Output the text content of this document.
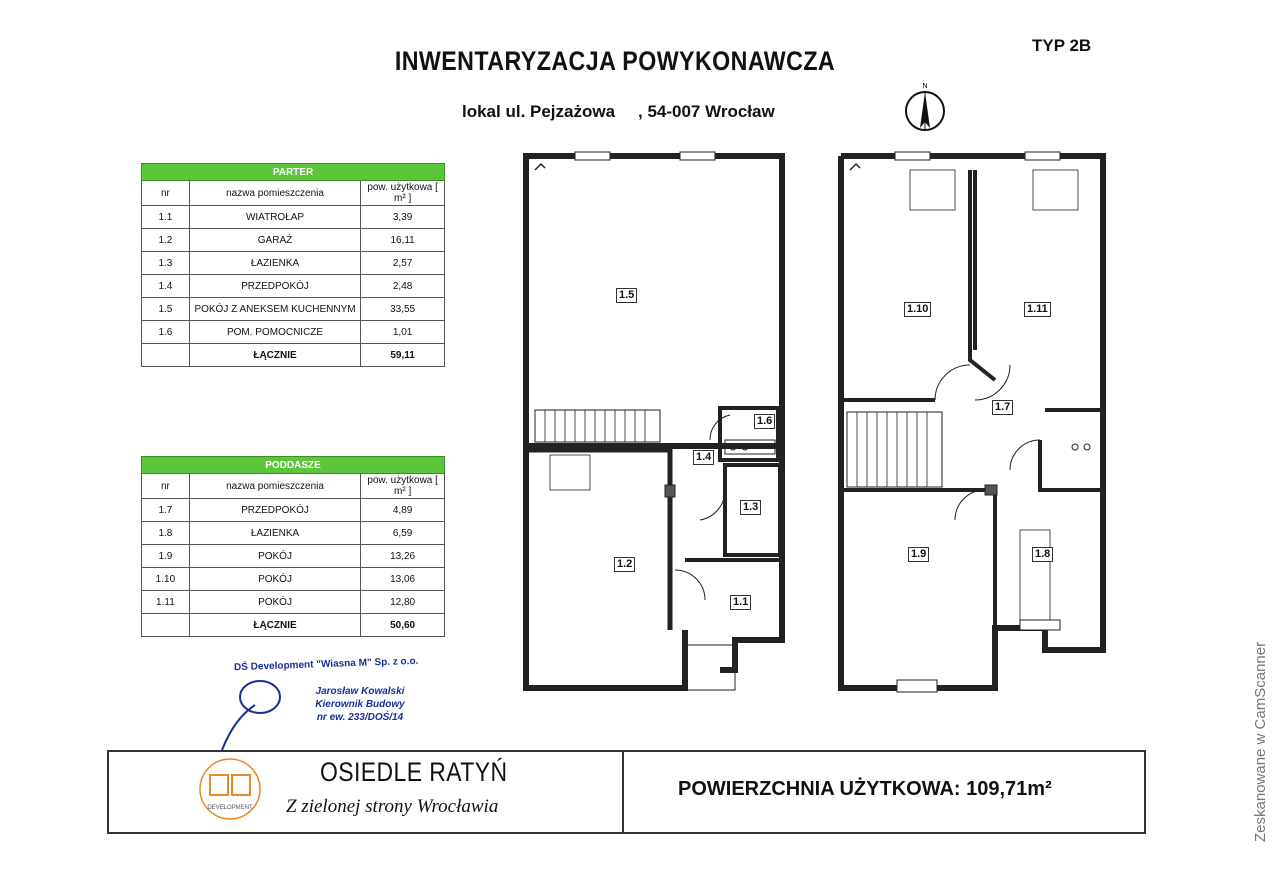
INWENTARYZACJA POWYKONAWCZA
TYP 2B
lokal ul. Pejzażowa , 54-007 Wrocław
N
PARTER		
nr	nazwa pomieszczenia	pow. użytkowa [ m² ]
1.1	WIATROŁAP	3,39
1.2	GARAŻ	16,11
1.3	ŁAZIENKA	2,57
1.4	PRZEDPOKÓJ	2,48
1.5	POKÓJ Z ANEKSEM KUCHENNYM	33,55
1.6	POM. POMOCNICZE	1,01
	ŁĄCZNIE	59,11
PODDASZE		
nr	nazwa pomieszczenia	pow. użytkowa [ m² ]
1.7	PRZEDPOKÓJ	4,89
1.8	ŁAZIENKA	6,59
1.9	POKÓJ	13,26
1.10	POKÓJ	13,06
1.11	POKÓJ	12,80
	ŁĄCZNIE	50,60
1.5
1.6
1.4
1.3
1.2
1.1
1.10	1.11
1.7
1.9	1.8
DŚ Development "Wiasna M" Sp. z o.o.
Jarosław Kowalski
Kierownik Budowy
nr ew. 233/DOŚ/14
DEVELOPMENT
OSIEDLE RATYŃ
Z zielonej strony Wrocławia
POWIERZCHNIA UŻYTKOWA: 109,71m²	Zeskanowane w CamScanner
